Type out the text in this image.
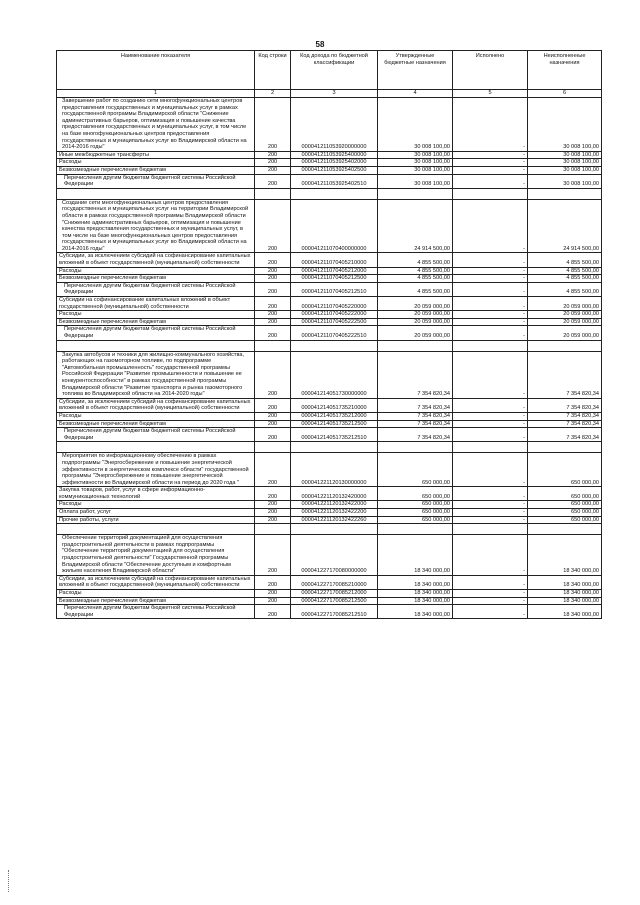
58
Наименование показателя	Код строки	Код дохода по бюджетной классификации	Утвержденные бюджетные назначения	Исполнено	Неисполненные назначения
1	2	3	4	5	6
Завершение работ по созданию сети многофункциональных центров предоставления государственных и муниципальных услуг в рамках государственной программы Владимирской области "Снижение административных барьеров, оптимизация и повышение качества предоставления государственных и муниципальных услуг, в том числе на базе многофункциональных центров предоставления государственных и муниципальных услуг во Владимирской области на 2014-2016 годы"	200	000041211053920000000	30 008 100,00	-	30 008 100,00
Иные межбюджетные трансферты	200	000041211053925400000	30 008 100,00	-	30 008 100,00
Расходы	200	000041211053925402000	30 008 100,00	-	30 008 100,00
Безвозмездные перечисления бюджетам	200	000041211053925402500	30 008 100,00	-	30 008 100,00
Перечисления другим бюджетам бюджетной системы Российской Федерации	200	000041211053925402510	30 008 100,00	-	30 008 100,00

Создание сети многофункциональных центров предоставления государственных и муниципальных услуг на территории Владимирской области в рамках государственной программы Владимирской области "Снижение административных барьеров, оптимизация и повышение качества предоставления государственных и муниципальных услуг, в том числе на базе многофункциональных центров предоставления государственных и муниципальных услуг во Владимирской области на 2014-2016 годы"	200	000041211070400000000	24 914 500,00	-	24 914 500,00
Субсидии, за исключением субсидий на софинансирование капитальных вложений в объект государственной (муниципальной) собственности	200	000041211070405210000	4 855 500,00	-	4 855 500,00
Расходы	200	000041211070405212000	4 855 500,00	-	4 855 500,00
Безвозмездные перечисления бюджетам	200	000041211070405212500	4 855 500,00	-	4 855 500,00
Перечисления другим бюджетам бюджетной системы Российской Федерации	200	000041211070405212510	4 855 500,00	-	4 855 500,00
Субсидии на софинансирование капитальных вложений в объект государственной (муниципальной) собственности	200	000041211070405220000	20 059 000,00	-	20 059 000,00
Расходы	200	000041211070405222000	20 059 000,00	-	20 059 000,00
Безвозмездные перечисления бюджетам	200	000041211070405222500	20 059 000,00	-	20 059 000,00
Перечисления другим бюджетам бюджетной системы Российской Федерации	200	000041211070405222510	20 059 000,00	-	20 059 000,00

Закупка автобусов и техники для жилищно-коммунального хозяйства, работающих на газомоторном топливе, по подпрограмме "Автомобильная промышленность" государственной программы Российской Федерации "Развитие промышленности и повышение ее конкурентоспособности" в рамках государственной программы Владимирской области "Развитие транспорта и рынка газомоторного топлива во Владимирской области на 2014-2020 годы"	200	000041214051730000000	7 354 820,34	-	7 354 820,34
Субсидии, за исключением субсидий на софинансирование капитальных вложений в объект государственной (муниципальной) собственности	200	000041214051735210000	7 354 820,34	-	7 354 820,34
Расходы	200	000041214051735212000	7 354 820,34	-	7 354 820,34
Безвозмездные перечисления бюджетам	200	000041214051735212500	7 354 820,34	-	7 354 820,34
Перечисления другим бюджетам бюджетной системы Российской Федерации	200	000041214051735212510	7 354 820,34	-	7 354 820,34

Мероприятия по информационному обеспечению в рамках подпрограммы "Энергосбережение и повышение энергетической эффективности в энергетическом комплексе области" государственной программы "Энергосбережение и повышение энергетической эффективности во Владимирской области на период до 2020 года "	200	000041221120130000000	650 000,00	-	650 000,00
Закупка товаров, работ, услуг в сфере информационно-коммуникационных технологий	200	000041221120132420000	650 000,00	-	650 000,00
Расходы	200	000041221120132422000	650 000,00	-	650 000,00
Оплата работ, услуг	200	000041221120132422200	650 000,00	-	650 000,00
Прочие работы, услуги	200	000041221120132422260	650 000,00	-	650 000,00

Обеспечение территорий документацией для осуществления градостроительной деятельности в рамках подпрограммы "Обеспечение территорий документацией для осуществления градостроительной деятельности" Государственной программы Владимирской области "Обеспечение доступным и комфортным жильем населения Владимирской области"	200	000041227170080000000	18 340 000,00	-	18 340 000,00
Субсидии, за исключением субсидий на софинансирование капитальных вложений в объект государственной (муниципальной) собственности	200	000041227170085210000	18 340 000,00	-	18 340 000,00
Расходы	200	000041227170085212000	18 340 000,00	-	18 340 000,00
Безвозмездные перечисления бюджетам	200	000041227170085212500	18 340 000,00	-	18 340 000,00
Перечисления другим бюджетам бюджетной системы Российской Федерации	200	000041227170085212510	18 340 000,00	-	18 340 000,00
